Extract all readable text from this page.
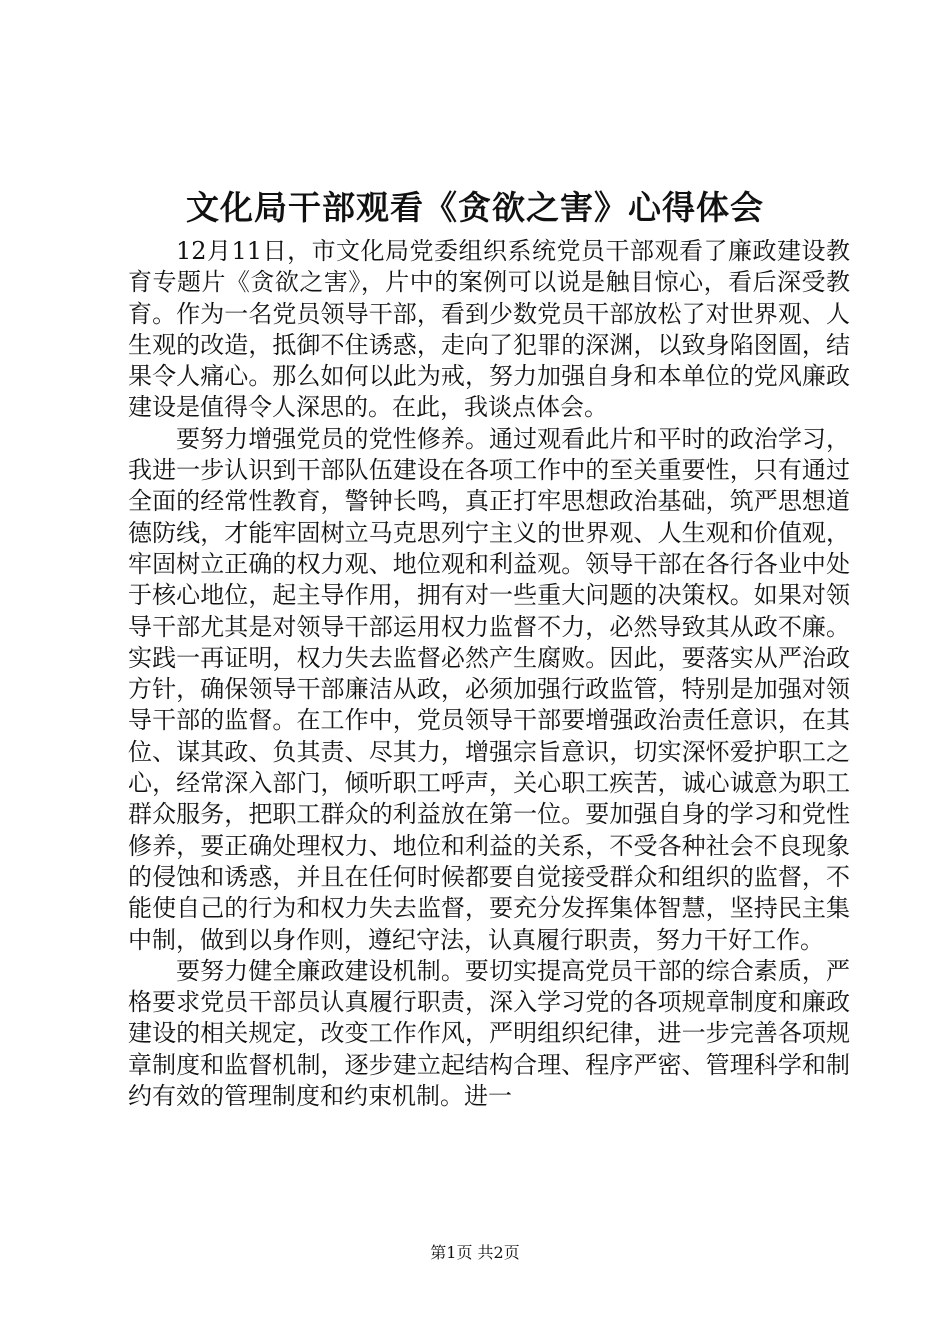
文化局干部观看《贪欲之害》心得体会

12月11日，市文化局党委组织系统党员干部观看了廉政建设教育专题片《贪欲之害》，片中的案例可以说是触目惊心，看后深受教育。作为一名党员领导干部，看到少数党员干部放松了对世界观、人生观的改造，抵御不住诱惑，走向了犯罪的深渊，以致身陷囹圄，结果令人痛心。那么如何以此为戒，努力加强自身和本单位的党风廉政建设是值得令人深思的。在此，我谈点体会。

要努力增强党员的党性修养。通过观看此片和平时的政治学习，我进一步认识到干部队伍建设在各项工作中的至关重要性，只有通过全面的经常性教育，警钟长鸣，真正打牢思想政治基础，筑严思想道德防线，才能牢固树立马克思列宁主义的世界观、人生观和价值观，牢固树立正确的权力观、地位观和利益观。领导干部在各行各业中处于核心地位，起主导作用，拥有对一些重大问题的决策权。如果对领导干部尤其是对领导干部运用权力监督不力，必然导致其从政不廉。实践一再证明，权力失去监督必然产生腐败。因此，要落实从严治政方针，确保领导干部廉洁从政，必须加强行政监管，特别是加强对领导干部的监督。在工作中，党员领导干部要增强政治责任意识，在其位、谋其政、负其责、尽其力，增强宗旨意识，切实深怀爱护职工之心，经常深入部门，倾听职工呼声，关心职工疾苦，诚心诚意为职工群众服务，把职工群众的利益放在第一位。要加强自身的学习和党性修养，要正确处理权力、地位和利益的关系，不受各种社会不良现象的侵蚀和诱惑，并且在任何时候都要自觉接受群众和组织的监督，不能使自己的行为和权力失去监督，要充分发挥集体智慧，坚持民主集中制，做到以身作则，遵纪守法，认真履行职责，努力干好工作。

要努力健全廉政建设机制。要切实提高党员干部的综合素质，严格要求党员干部员认真履行职责，深入学习党的各项规章制度和廉政建设的相关规定，改变工作作风，严明组织纪律，进一步完善各项规章制度和监督机制，逐步建立起结构合理、程序严密、管理科学和制约有效的管理制度和约束机制。进一

第1页 共2页
